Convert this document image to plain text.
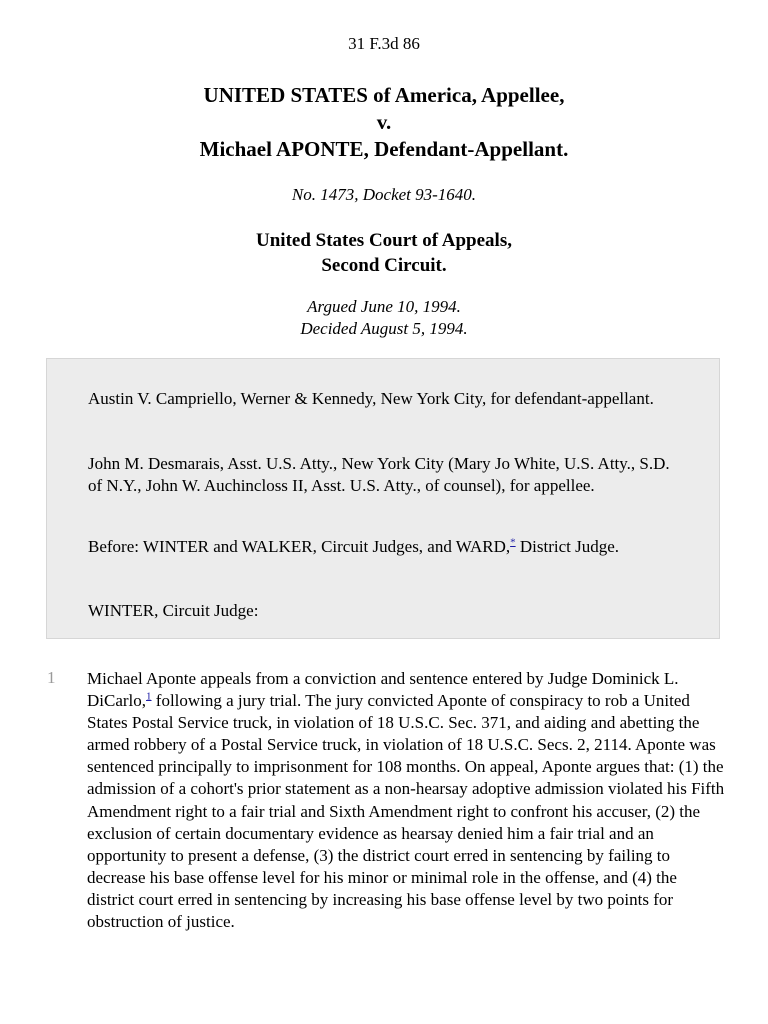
31 F.3d 86
UNITED STATES of America, Appellee,
v.
Michael APONTE, Defendant-Appellant.
No. 1473, Docket 93-1640.
United States Court of Appeals,
Second Circuit.
Argued June 10, 1994.
Decided August 5, 1994.

Austin V. Campriello, Werner & Kennedy, New York City, for defendant-appellant.

John M. Desmarais, Asst. U.S. Atty., New York City (Mary Jo White, U.S. Atty., S.D. of N.Y., John W. Auchincloss II, Asst. U.S. Atty., of counsel), for appellee.

Before: WINTER and WALKER, Circuit Judges, and WARD,* District Judge.

WINTER, Circuit Judge:

1 Michael Aponte appeals from a conviction and sentence entered by Judge Dominick L. DiCarlo,$^1$ following a jury trial. The jury convicted Aponte of conspiracy to rob a United States Postal Service truck, in violation of 18 U.S.C. Sec. 371, and aiding and abetting the armed robbery of a Postal Service truck, in violation of 18 U.S.C. Secs. 2, 2114. Aponte was sentenced principally to imprisonment for 108 months. On appeal, Aponte argues that: (1) the admission of a cohort's prior statement as a non-hearsay adoptive admission violated his Fifth Amendment right to a fair trial and Sixth Amendment right to confront his accuser, (2) the exclusion of certain documentary evidence as hearsay denied him a fair trial and an opportunity to present a defense, (3) the district court erred in sentencing by failing to decrease his base offense level for his minor or minimal role in the offense, and (4) the district court erred in sentencing by increasing his base offense level by two points for obstruction of justice.
